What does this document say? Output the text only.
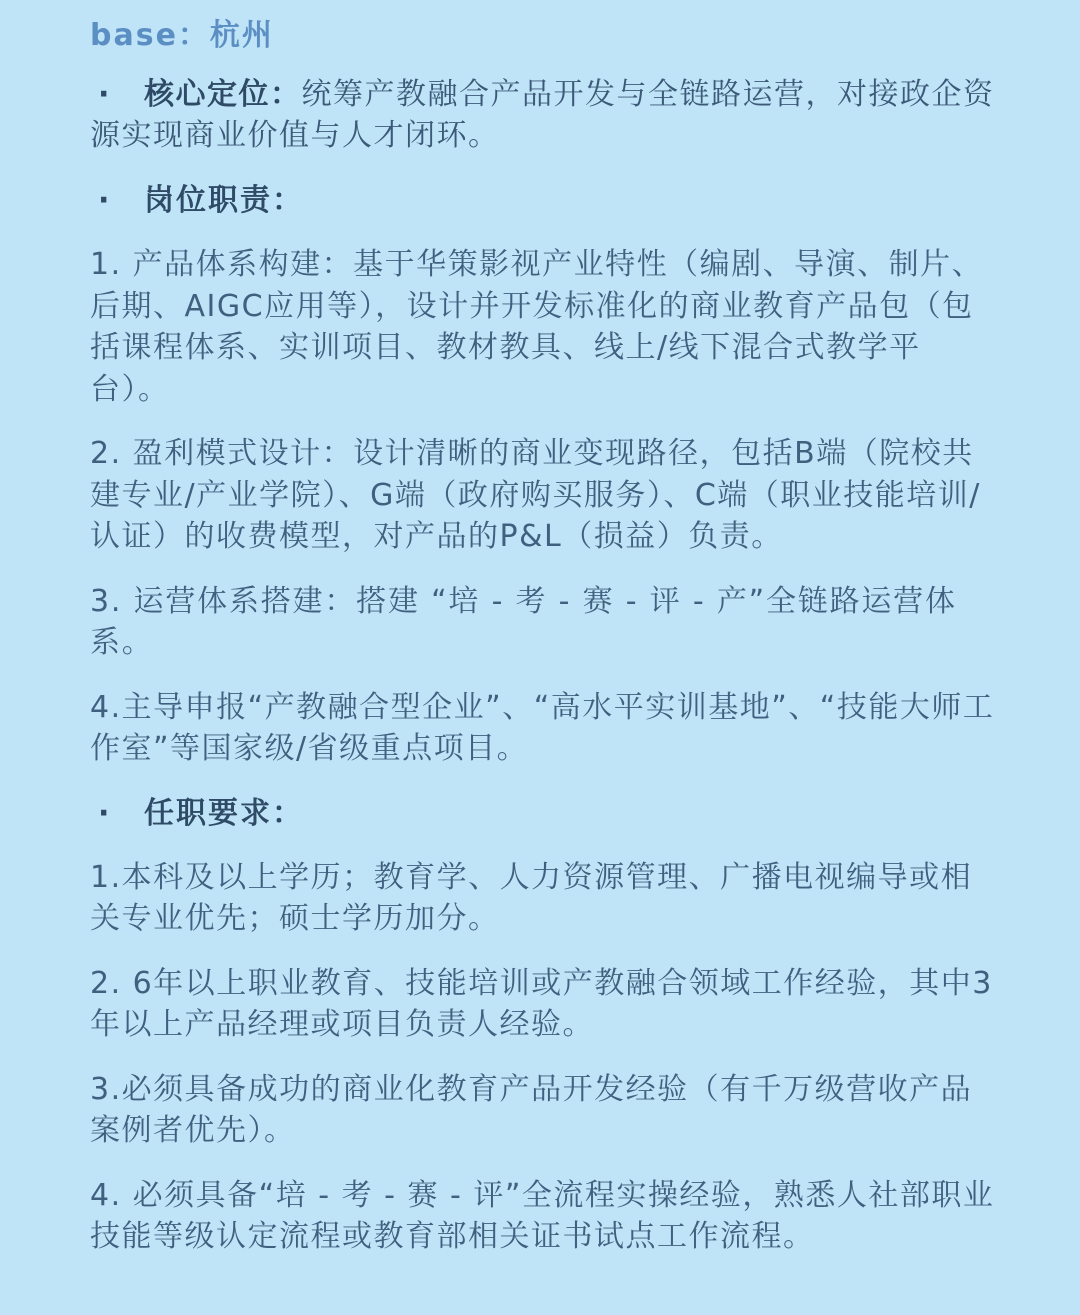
base：杭州
· 核心定位：统筹产教融合产品开发与全链路运营，对接政企资源实现商业价值与人才闭环。
· 岗位职责：
1. 产品体系构建：基于华策影视产业特性（编剧、导演、制片、后期、AIGC应用等），设计并开发标准化的商业教育产品包（包括课程体系、实训项目、教材教具、线上/线下混合式教学平台）。
2. 盈利模式设计：设计清晰的商业变现路径，包括B端（院校共建专业/产业学院）、G端（政府购买服务）、C端（职业技能培训/认证）的收费模型，对产品的P&L（损益）负责。
3. 运营体系搭建：搭建 “培 - 考 - 赛 - 评 - 产”全链路运营体系。
4.主导申报“产教融合型企业”、“高水平实训基地”、“技能大师工作室”等国家级/省级重点项目。
· 任职要求：
1.本科及以上学历；教育学、人力资源管理、广播电视编导或相关专业优先；硕士学历加分。
2. 6年以上职业教育、技能培训或产教融合领域工作经验，其中3年以上产品经理或项目负责人经验。
3.必须具备成功的商业化教育产品开发经验（有千万级营收产品案例者优先）。
4. 必须具备“培 - 考 - 赛 - 评”全流程实操经验，熟悉人社部职业技能等级认定流程或教育部相关证书试点工作流程。
